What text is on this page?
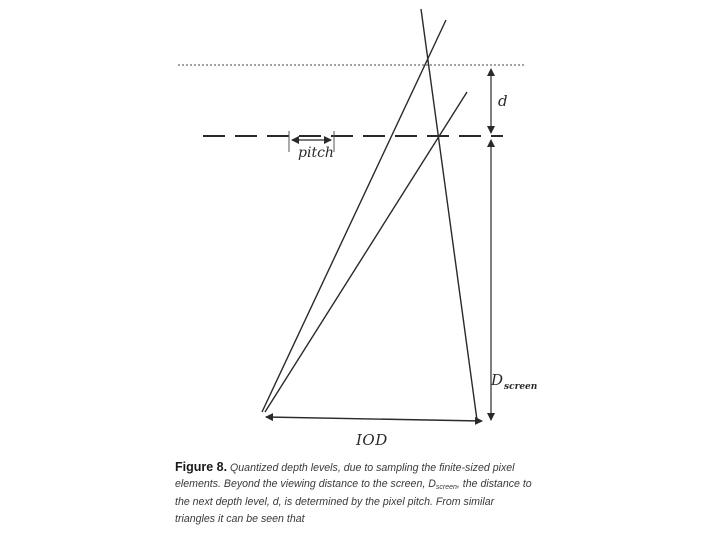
d
pitch
$D_{screen}$
IOD
Figure 8. Quantized depth levels, due to sampling the finite-sized pixel elements. Beyond the viewing distance to the screen, Dscreen, the distance to the next depth level, d, is determined by the pixel pitch. From similar triangles it can be seen that
